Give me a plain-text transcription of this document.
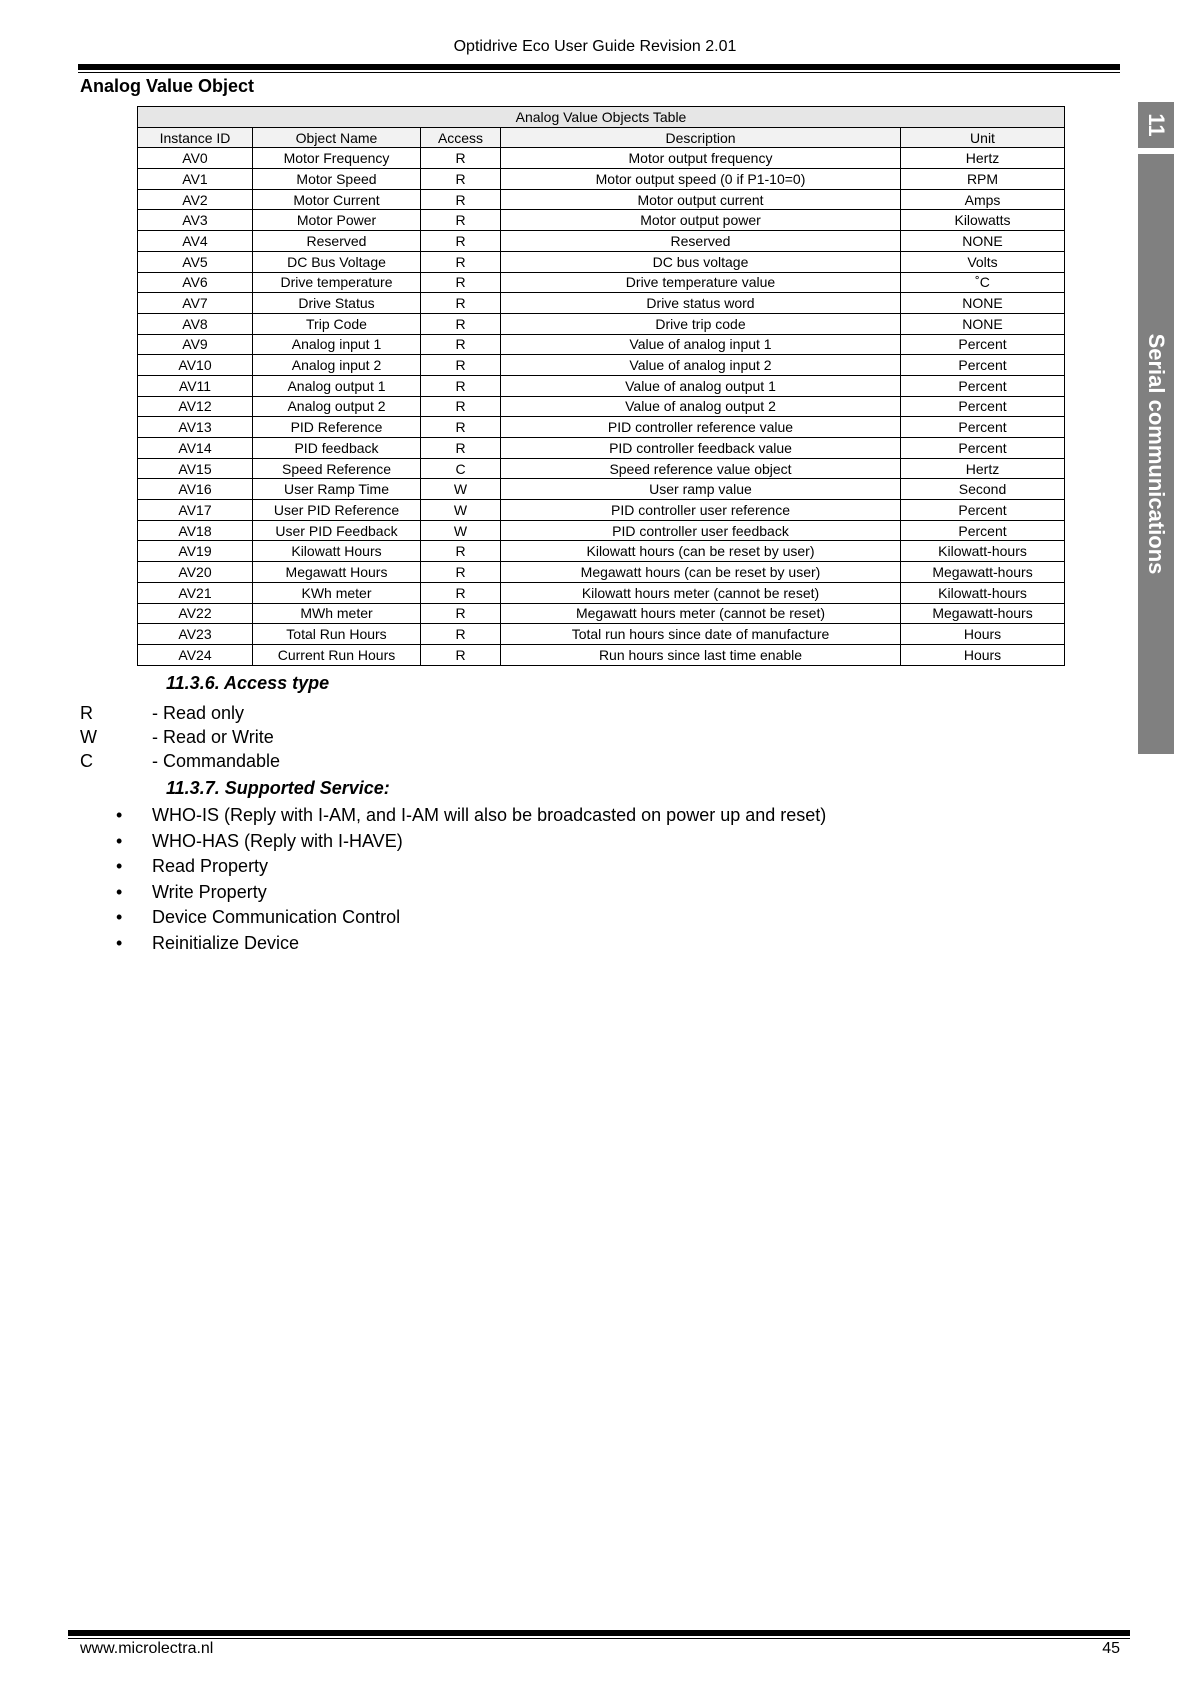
Optidrive Eco User Guide Revision 2.01
Analog Value Object
Analog Value Objects Table				
Instance ID	Object Name	Access	Description	Unit
AV0	Motor Frequency	R	Motor output frequency	Hertz
AV1	Motor Speed	R	Motor output speed (0 if P1-10=0)	RPM
AV2	Motor Current	R	Motor output current	Amps
AV3	Motor Power	R	Motor output power	Kilowatts
AV4	Reserved	R	Reserved	NONE
AV5	DC Bus Voltage	R	DC bus voltage	Volts
AV6	Drive temperature	R	Drive temperature value	˚C
AV7	Drive Status	R	Drive status word	NONE
AV8	Trip Code	R	Drive trip code	NONE
AV9	Analog input 1	R	Value of analog input 1	Percent
AV10	Analog input 2	R	Value of analog input 2	Percent
AV11	Analog output 1	R	Value of analog output 1	Percent
AV12	Analog output 2	R	Value of analog output 2	Percent
AV13	PID Reference	R	PID controller reference value	Percent
AV14	PID feedback	R	PID controller feedback value	Percent
AV15	Speed Reference	C	Speed reference value object	Hertz
AV16	User Ramp Time	W	User ramp value	Second
AV17	User PID Reference	W	PID controller user reference	Percent
AV18	User PID Feedback	W	PID controller user feedback	Percent
AV19	Kilowatt Hours	R	Kilowatt hours (can be reset by user)	Kilowatt-hours
AV20	Megawatt Hours	R	Megawatt hours (can be reset by user)	Megawatt-hours
AV21	KWh meter	R	Kilowatt hours meter (cannot be reset)	Kilowatt-hours
AV22	MWh meter	R	Megawatt hours meter (cannot be reset)	Megawatt-hours
AV23	Total Run Hours	R	Total run hours since date of manufacture	Hours
AV24	Current Run Hours	R	Run hours since last time enable	Hours
11.3.6. Access type
R	- Read only
W	- Read or Write
C	- Commandable
11.3.7. Supported Service:
• WHO-IS (Reply with I-AM, and I-AM will also be broadcasted on power up and reset)
• WHO-HAS (Reply with I-HAVE)
• Read Property
• Write Property
• Device Communication Control
• Reinitialize Device
11
Serial communications
www.microlectra.nl	45
